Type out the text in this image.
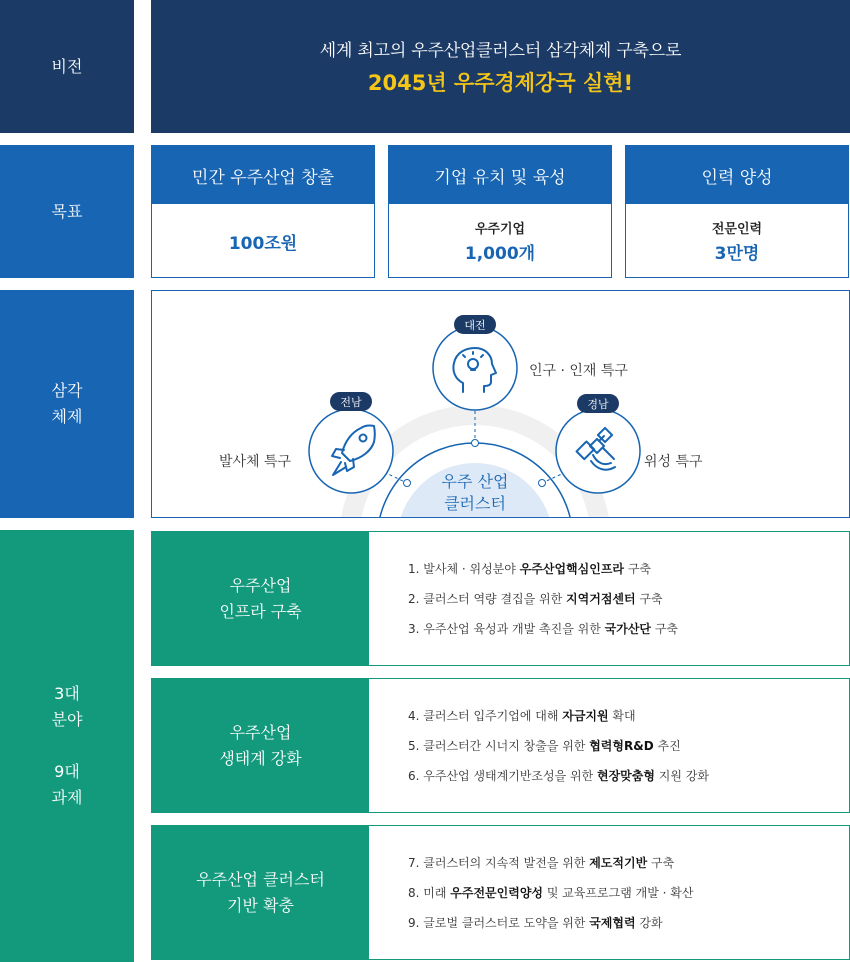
비전
목표
삼각
체제
3대
분야
9대
과제
세계 최고의 우주산업클러스터 삼각체제 구축으로
2045년 우주경제강국 실현!
민간 우주산업 창출
100조원
기업 유치 및 육성
우주기업
1,000개
인력 양성
전문인력
3만명
우주 산업
클러스터
대전
인구 · 인재 특구
전남
발사체 특구
경남
위성 특구
우주산업
인프라 구축
1. 발사체 · 위성분야 우주산업핵심인프라 구축
2. 클러스터 역량 결집을 위한 지역거점센터 구축
3. 우주산업 육성과 개발 촉진을 위한 국가산단 구축
우주산업
생태계 강화
4. 클러스터 입주기업에 대해 자금지원 확대
5. 클러스터간 시너지 창출을 위한 협력형R&D 추진
6. 우주산업 생태계기반조성을 위한 현장맞춤형 지원 강화
우주산업 클러스터
기반 확충
7. 클러스터의 지속적 발전을 위한 제도적기반 구축
8. 미래 우주전문인력양성 및 교육프로그램 개발 · 확산
9. 글로벌 클러스터로 도약을 위한 국제협력 강화
